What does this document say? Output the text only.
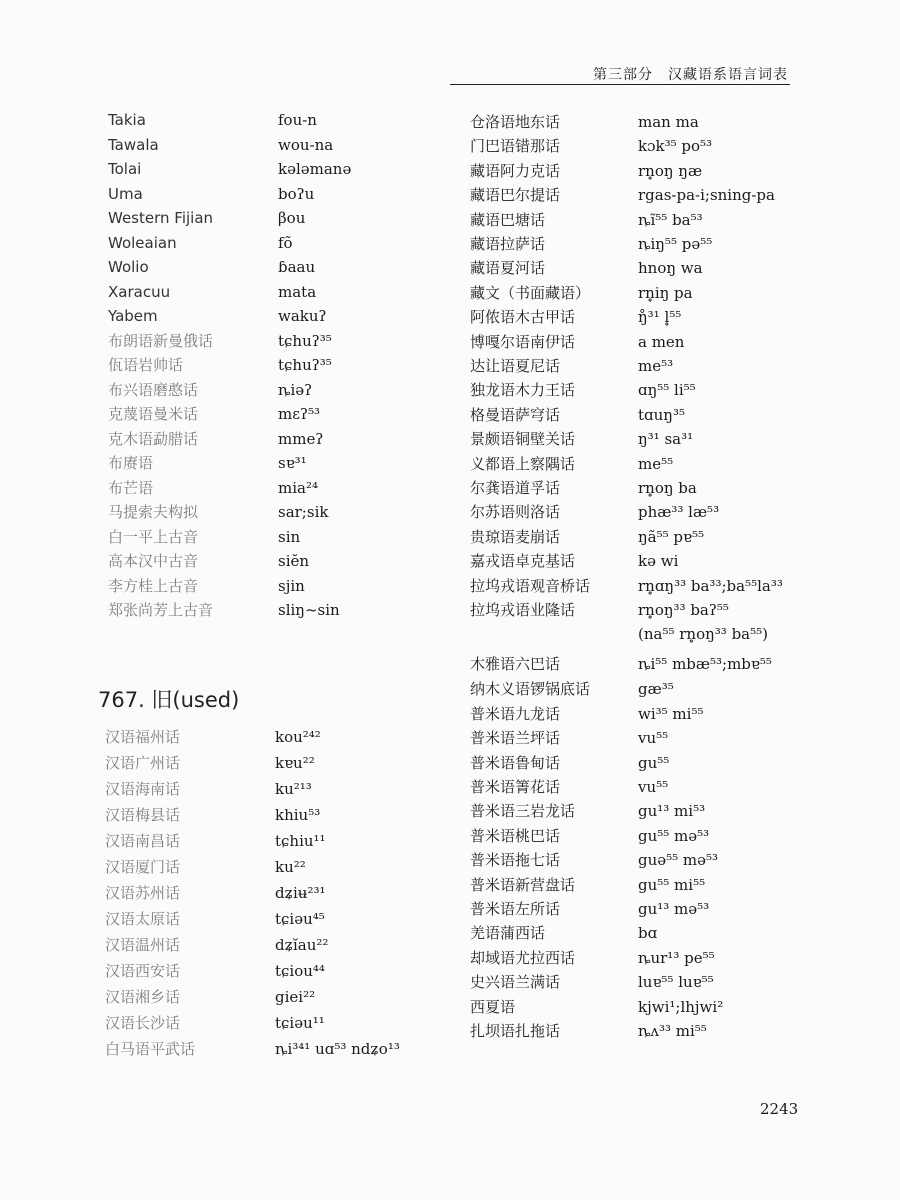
第三部分　汉藏语系语言词表
Takia	fou-n
Tawala	wou-na
Tolai	kələmanə
Uma	boʔu
Western Fijian	βou
Woleaian	fõ
Wolio	ɓaau
Xaracuu	mata
Yabem	wakuʔ
布朗语新曼俄话	tɕhuʔ³⁵
佤语岩帅话	tɕhuʔ³⁵
布兴语磨憨话	ȵiəʔ
克蔑语曼米话	mɛʔ⁵³
克木语勐腊话	mmeʔ
布赓语	sɐ³¹
布芒语	mia²⁴
马提索夫构拟	sar;sik
白一平上古音	sin
高本汉中古音	siĕn
李方桂上古音	sjin
郑张尚芳上古音	sliŋ~sin
汉语福州话	kou²⁴²
汉语广州话	kɐu²²
汉语海南话	ku²¹³
汉语梅县话	khiu⁵³
汉语南昌话	tɕhiu¹¹
汉语厦门话	ku²²
汉语苏州话	dʑiʉ²³¹
汉语太原话	tɕiəu⁴⁵
汉语温州话	dʑĭau²²
汉语西安话	tɕiou⁴⁴
汉语湘乡话	giei²²
汉语长沙话	tɕiəu¹¹
白马语平武话	ȵi³⁴¹ uɑ⁵³ ndʑo¹³
767. 旧(used)
仓洛语地东话	man ma
门巴语错那话	kɔk³⁵ po⁵³
藏语阿力克话	rn̥oŋ ŋæ
藏语巴尔提话	rgas-pa-i;sning-pa
藏语巴塘话	ȵĩ⁵⁵ ba⁵³
藏语拉萨话	ȵiŋ⁵⁵ pə⁵⁵
藏语夏河话	hnoŋ wa
藏文（书面藏语）	rn̥iŋ pa
阿侬语木古甲话	ŋ̊³¹ l̥⁵⁵
博嘎尔语南伊话	a men
达让语夏尼话	me⁵³
独龙语木力王话	ɑŋ⁵⁵ li⁵⁵
格曼语萨穹话	tɑuŋ³⁵
景颇语铜壁关话	ŋ³¹ sa³¹
义都语上察隅话	me⁵⁵
尔龚语道孚话	rn̥oŋ ba
尔苏语则洛话	phæ³³ læ⁵³
贵琼语麦崩话	ŋã⁵⁵ pɐ⁵⁵
嘉戎语卓克基话	kə wi
拉坞戎语观音桥话	rn̥ɑŋ³³ ba³³;ba⁵⁵la³³
拉坞戎语业隆话	rn̥oŋ³³ baʔ⁵⁵
(na⁵⁵ rn̥oŋ³³ ba⁵⁵)
木雅语六巴话	ȵi⁵⁵ mbæ⁵³;mbɐ⁵⁵
纳木义语锣锅底话	gæ³⁵
普米语九龙话	wi³⁵ mi⁵⁵
普米语兰坪话	vu⁵⁵
普米语鲁甸话	gu⁵⁵
普米语箐花话	vu⁵⁵
普米语三岩龙话	gu¹³ mi⁵³
普米语桃巴话	gu⁵⁵ mə⁵³
普米语拖七话	guə⁵⁵ mə⁵³
普米语新营盘话	gu⁵⁵ mi⁵⁵
普米语左所话	gu¹³ mə⁵³
羌语蒲西话	bɑ
却域语尤拉西话	ȵur¹³ pe⁵⁵
史兴语兰满话	luɐ⁵⁵ luɐ⁵⁵
西夏语	kjwi¹;lhjwi²
扎坝语扎拖话	ȵʌ³³ mi⁵⁵
2243
